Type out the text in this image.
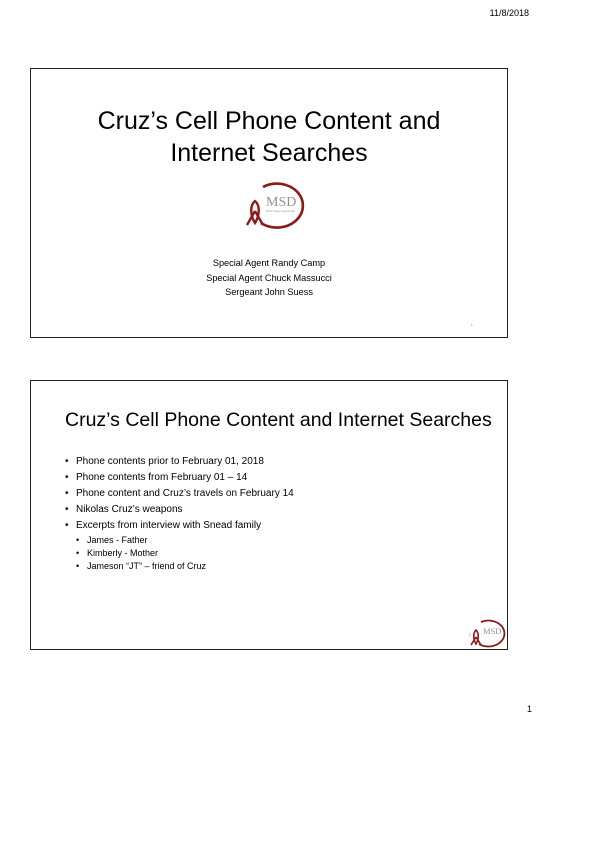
11/8/2018
Cruz’s Cell Phone Content and
Internet Searches
MSD
Public Safety Commission
Special Agent Randy Camp
Special Agent Chuck Massucci
Sergeant John Suess
1
Cruz’s Cell Phone Content and Internet Searches
• Phone contents prior to February 01, 2018
• Phone contents from February 01 – 14
• Phone content and Cruz’s travels on February 14
• Nikolas Cruz’s weapons
• Excerpts from interview with Snead family
• James - Father
• Kimberly - Mother
• Jameson “JT” – friend of Cruz
2 MSD
1
